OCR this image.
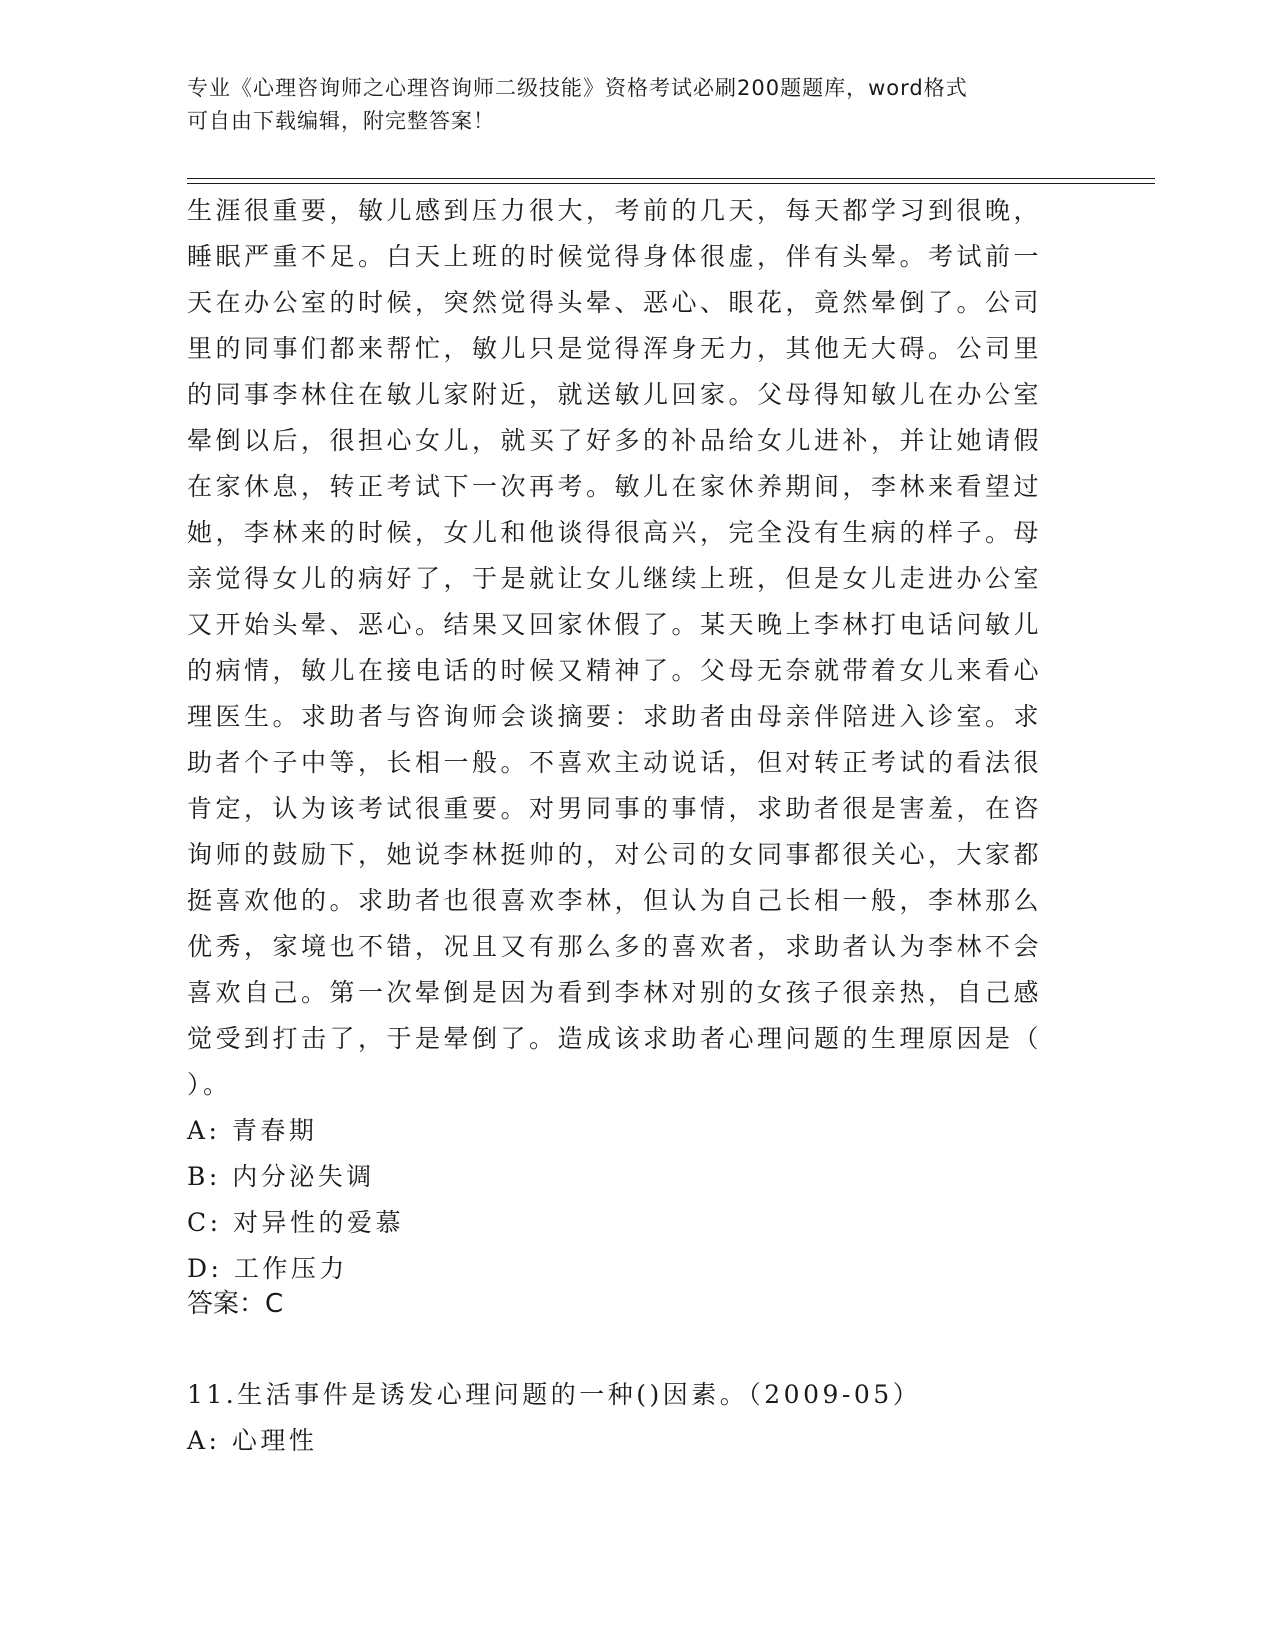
专业《心理咨询师之心理咨询师二级技能》资格考试必刷200题题库，word格式
可自由下载编辑，附完整答案！
生涯很重要，敏儿感到压力很大，考前的几天，每天都学习到很晚，
睡眠严重不足。白天上班的时候觉得身体很虚，伴有头晕。考试前一
天在办公室的时候，突然觉得头晕、恶心、眼花，竟然晕倒了。公司
里的同事们都来帮忙，敏儿只是觉得浑身无力，其他无大碍。公司里
的同事李林住在敏儿家附近，就送敏儿回家。父母得知敏儿在办公室
晕倒以后，很担心女儿，就买了好多的补品给女儿进补，并让她请假
在家休息，转正考试下一次再考。敏儿在家休养期间，李林来看望过
她，李林来的时候，女儿和他谈得很高兴，完全没有生病的样子。母
亲觉得女儿的病好了，于是就让女儿继续上班，但是女儿走进办公室
又开始头晕、恶心。结果又回家休假了。某天晚上李林打电话问敏儿
的病情，敏儿在接电话的时候又精神了。父母无奈就带着女儿来看心
理医生。求助者与咨询师会谈摘要：求助者由母亲伴陪进入诊室。求
助者个子中等，长相一般。不喜欢主动说话，但对转正考试的看法很
肯定，认为该考试很重要。对男同事的事情，求助者很是害羞，在咨
询师的鼓励下，她说李林挺帅的，对公司的女同事都很关心，大家都
挺喜欢他的。求助者也很喜欢李林，但认为自己长相一般，李林那么
优秀，家境也不错，况且又有那么多的喜欢者，求助者认为李林不会
喜欢自己。第一次晕倒是因为看到李林对别的女孩子很亲热，自己感
觉受到打击了，于是晕倒了。造成该求助者心理问题的生理原因是（
）。
A: 青春期
B: 内分泌失调
C: 对异性的爱慕
D: 工作压力
答案：C
11.生活事件是诱发心理问题的一种()因素。（2009-05）
A: 心理性
